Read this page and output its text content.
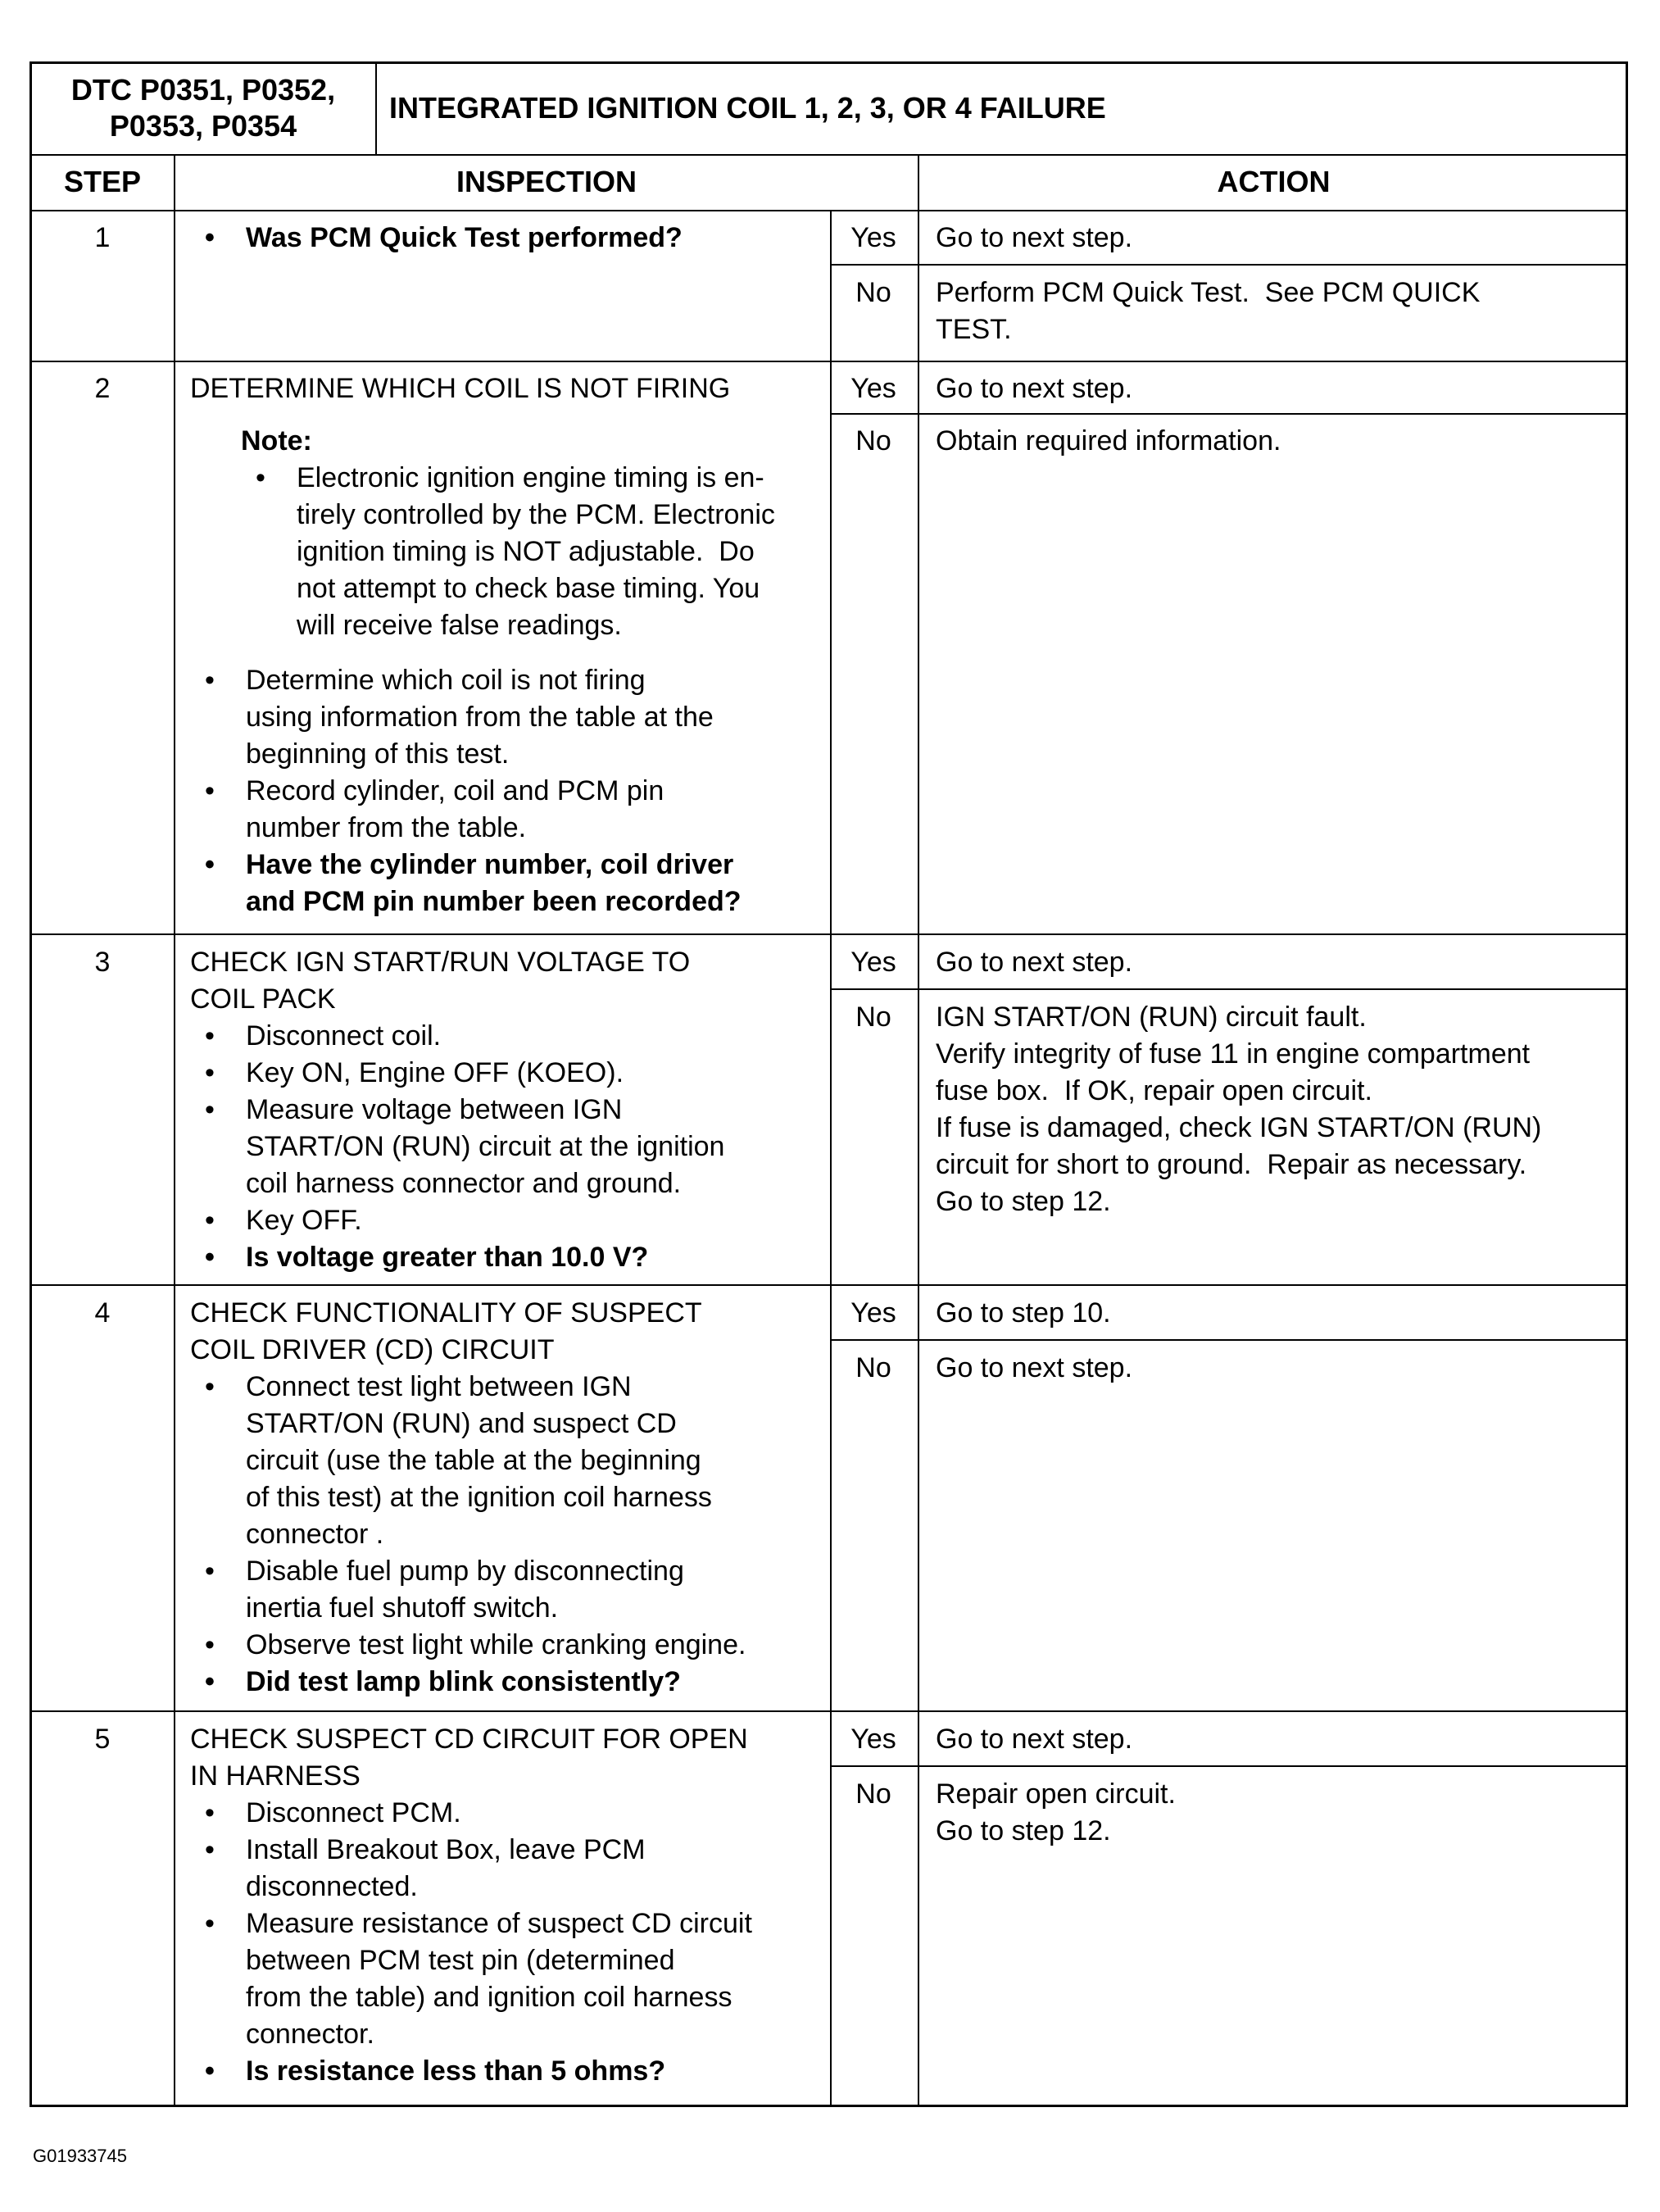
DTC P0351, P0352,
P0353, P0354
INTEGRATED IGNITION COIL 1, 2, 3, OR 4 FAILURE
STEP	INSPECTION	ACTION
1
•	Was PCM Quick Test performed?	Yes	Go to next step.
No	Perform PCM Quick Test.  See PCM QUICK
TEST.
2	DETERMINE WHICH COIL IS NOT FIRING
Note:
• Electronic ignition engine timing is en-
tirely controlled by the PCM. Electronic
ignition timing is NOT adjustable.  Do
not attempt to check base timing. You
will receive false readings.
• Determine which coil is not firing
using information from the table at the
beginning of this test.
• Record cylinder, coil and PCM pin
number from the table.
• Have the cylinder number, coil driver
and PCM pin number been recorded?
Yes	Go to next step.
No	Obtain required information.
3	CHECK IGN START/RUN VOLTAGE TO
COIL PACK
• Disconnect coil.
• Key ON, Engine OFF (KOEO).
• Measure voltage between IGN
START/ON (RUN) circuit at the ignition
coil harness connector and ground.
• Key OFF.
• Is voltage greater than 10.0 V?
Yes	Go to next step.
No	IGN START/ON (RUN) circuit fault.
Verify integrity of fuse 11 in engine compartment
fuse box.  If OK, repair open circuit.
If fuse is damaged, check IGN START/ON (RUN)
circuit for short to ground.  Repair as necessary.
Go to step 12.
4	CHECK FUNCTIONALITY OF SUSPECT
COIL DRIVER (CD) CIRCUIT
• Connect test light between IGN
START/ON (RUN) and suspect CD
circuit (use the table at the beginning
of this test) at the ignition coil harness
connector .
• Disable fuel pump by disconnecting
inertia fuel shutoff switch.
• Observe test light while cranking engine.
• Did test lamp blink consistently?
Yes	Go to step 10.
No	Go to next step.
5	CHECK SUSPECT CD CIRCUIT FOR OPEN
IN HARNESS
• Disconnect PCM.
• Install Breakout Box, leave PCM
disconnected.
• Measure resistance of suspect CD circuit
between PCM test pin (determined
from the table) and ignition coil harness
connector.
• Is resistance less than 5 ohms?
Yes	Go to next step.
No	Repair open circuit.
Go to step 12.
G01933745
